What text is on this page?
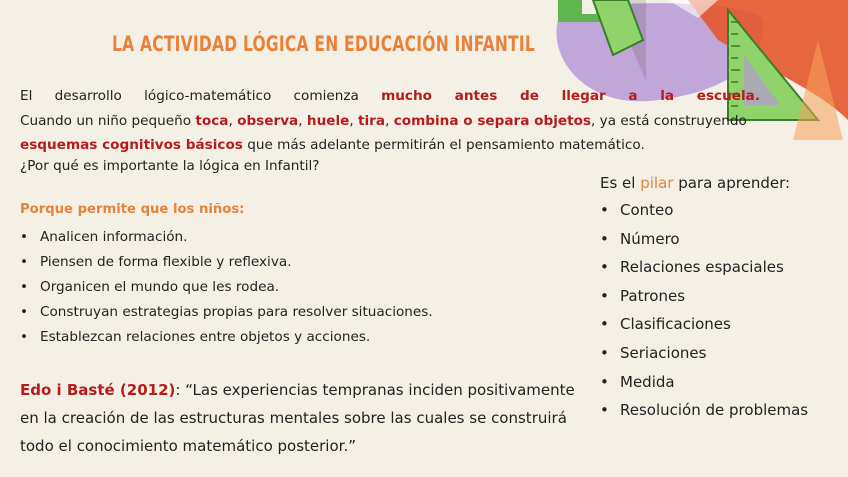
LA ACTIVIDAD LÓGICA EN EDUCACIÓN INFANTIL

El desarrollo lógico-matemático comienza mucho antes de llegar a la escuela.

Cuando un niño pequeño toca, observa, huele, tira, combina o separa objetos, ya está construyendo

esquemas cognitivos básicos que más adelante permitirán el pensamiento matemático.

¿Por qué es importante la lógica en Infantil?
Porque permite que los niños:
• Analicen información.
• Piensen de forma flexible y reflexiva.
• Organicen el mundo que les rodea.
• Construyan estrategias propias para resolver situaciones.
• Establezcan relaciones entre objetos y acciones.
Edo i Basté (2012): “Las experiencias tempranas inciden positivamente en la creación de las estructuras mentales sobre las cuales se construirá todo el conocimiento matemático posterior.”
Es el pilar para aprender:
• Conteo
• Número
• Relaciones espaciales
• Patrones
• Clasificaciones
• Seriaciones
• Medida
• Resolución de problemas
